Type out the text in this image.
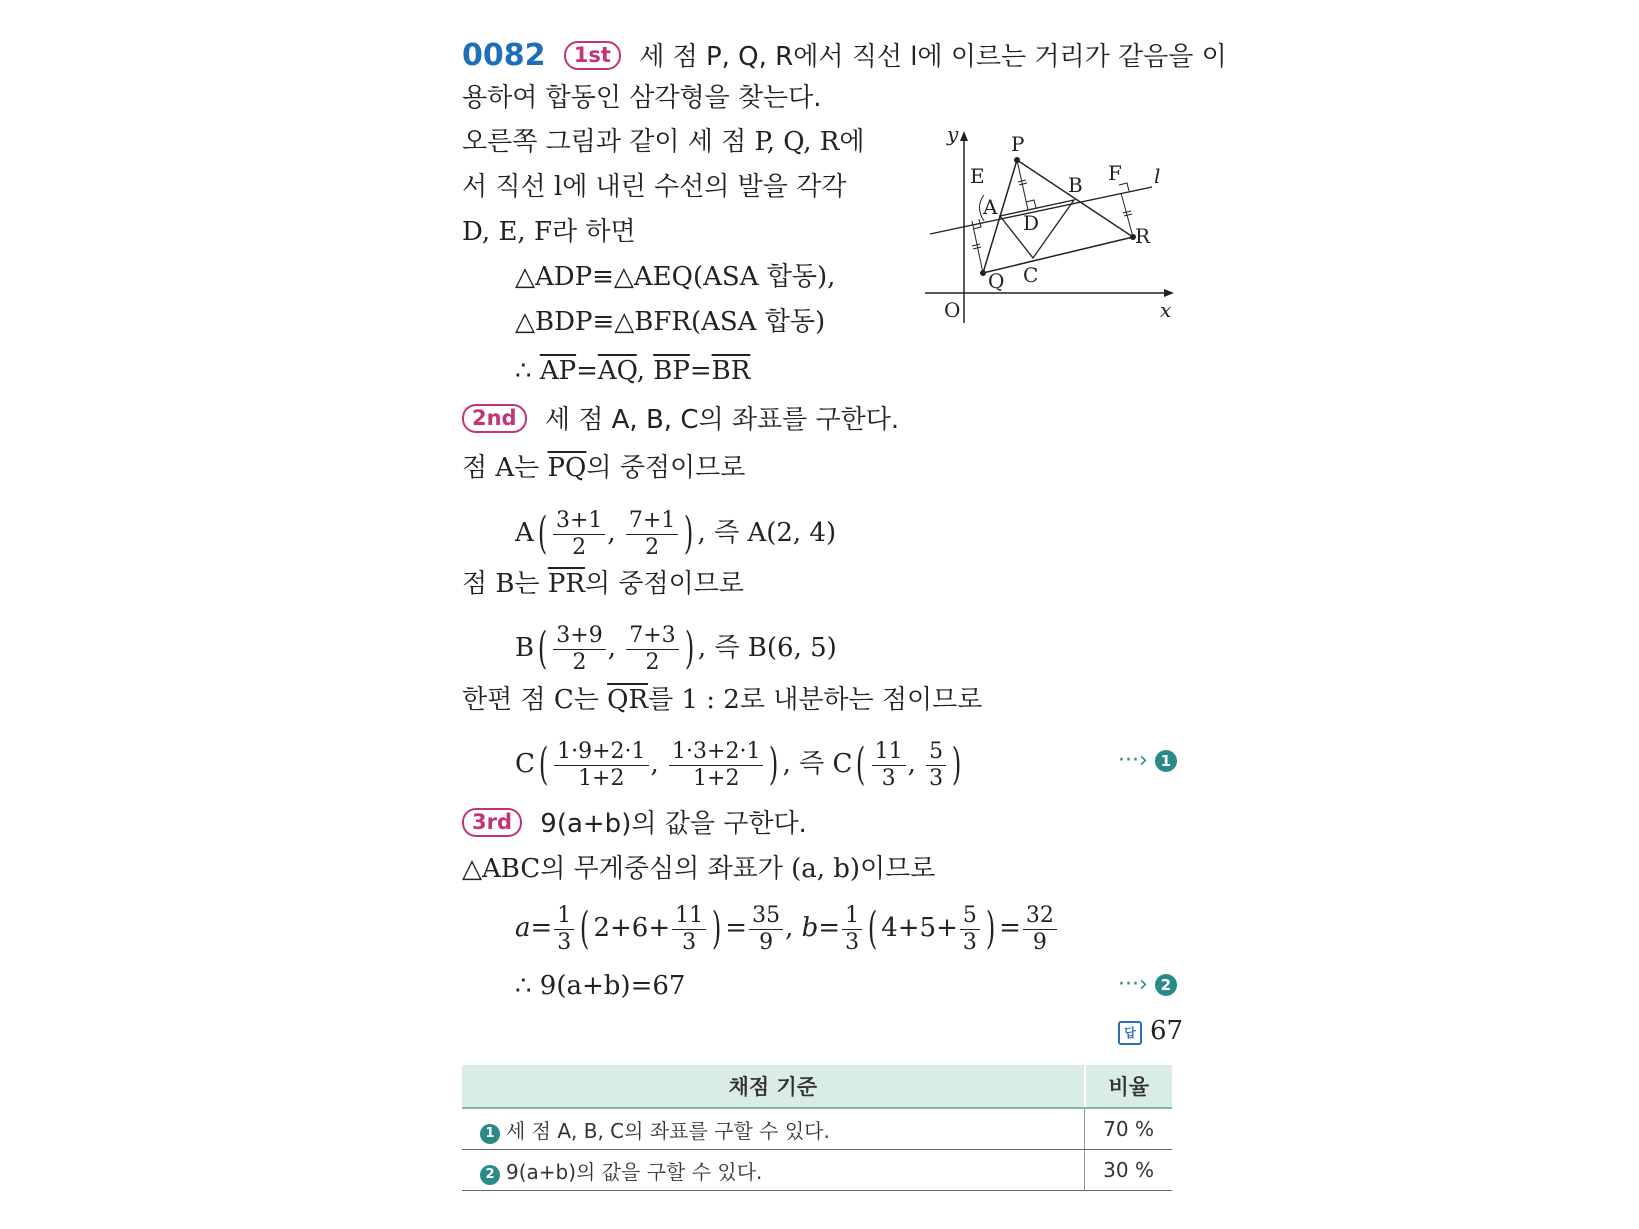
0082 1st 세 점 P, Q, R에서 직선 l에 이르는 거리가 같음을 이
용하여 합동인 삼각형을 찾는다.
오른쪽 그림과 같이 세 점 P, Q, R에
서 직선 l에 내린 수선의 발을 각각
D, E, F라 하면
△ADP≡△AEQ(ASA 합동),
△BDP≡△BFR(ASA 합동)
∴ $\overline{AP}=\overline{AQ}$, $\overline{BP}=\overline{BR}$
y
x
O
l
P
E
A
D
B F
R
Q C
2nd 세 점 A, B, C의 좌표를 구한다.
점 A는 $\overline{PQ}$의 중점이므로
$A( \frac{3+1}{2}$ , $\frac{7+1}{2}$ ) , 즉 A(2, 4)
점 B는 $\overline{PR}$의 중점이므로
$B( \frac{3+9}{2}$ , $\frac{7+3}{2}$ ) , 즉 B(6, 5)
한편 점 C는 $\overline{QR}$를 1 : 2로 내분하는 점이므로
$C( \frac{1\cdot 9+2\cdot 1}{1+2}$ , $\frac{1\cdot 3+2\cdot 1}{1+2}$ ) , 즉 $C( \frac{11}{3}$ , $\frac{5}{3}$ )	···› 1
3rd 9(a+b)의 값을 구한다.
△ABC의 무게중심의 좌표가 (a, b)이므로
$a= \frac{1}{3}$ ( $2+6+ \frac{11}{3}$ ) = $\frac{35}{9}$ , $b= \frac{1}{3}$ ( $4+5+ \frac{5}{3}$ ) = $\frac{32}{9}$
∴ 9(a+b)=67	···› 2
답 67
채점 기준	비율
1 세 점 A, B, C의 좌표를 구할 수 있다.	70 %
2 9(a+b)의 값을 구할 수 있다.	30 %
